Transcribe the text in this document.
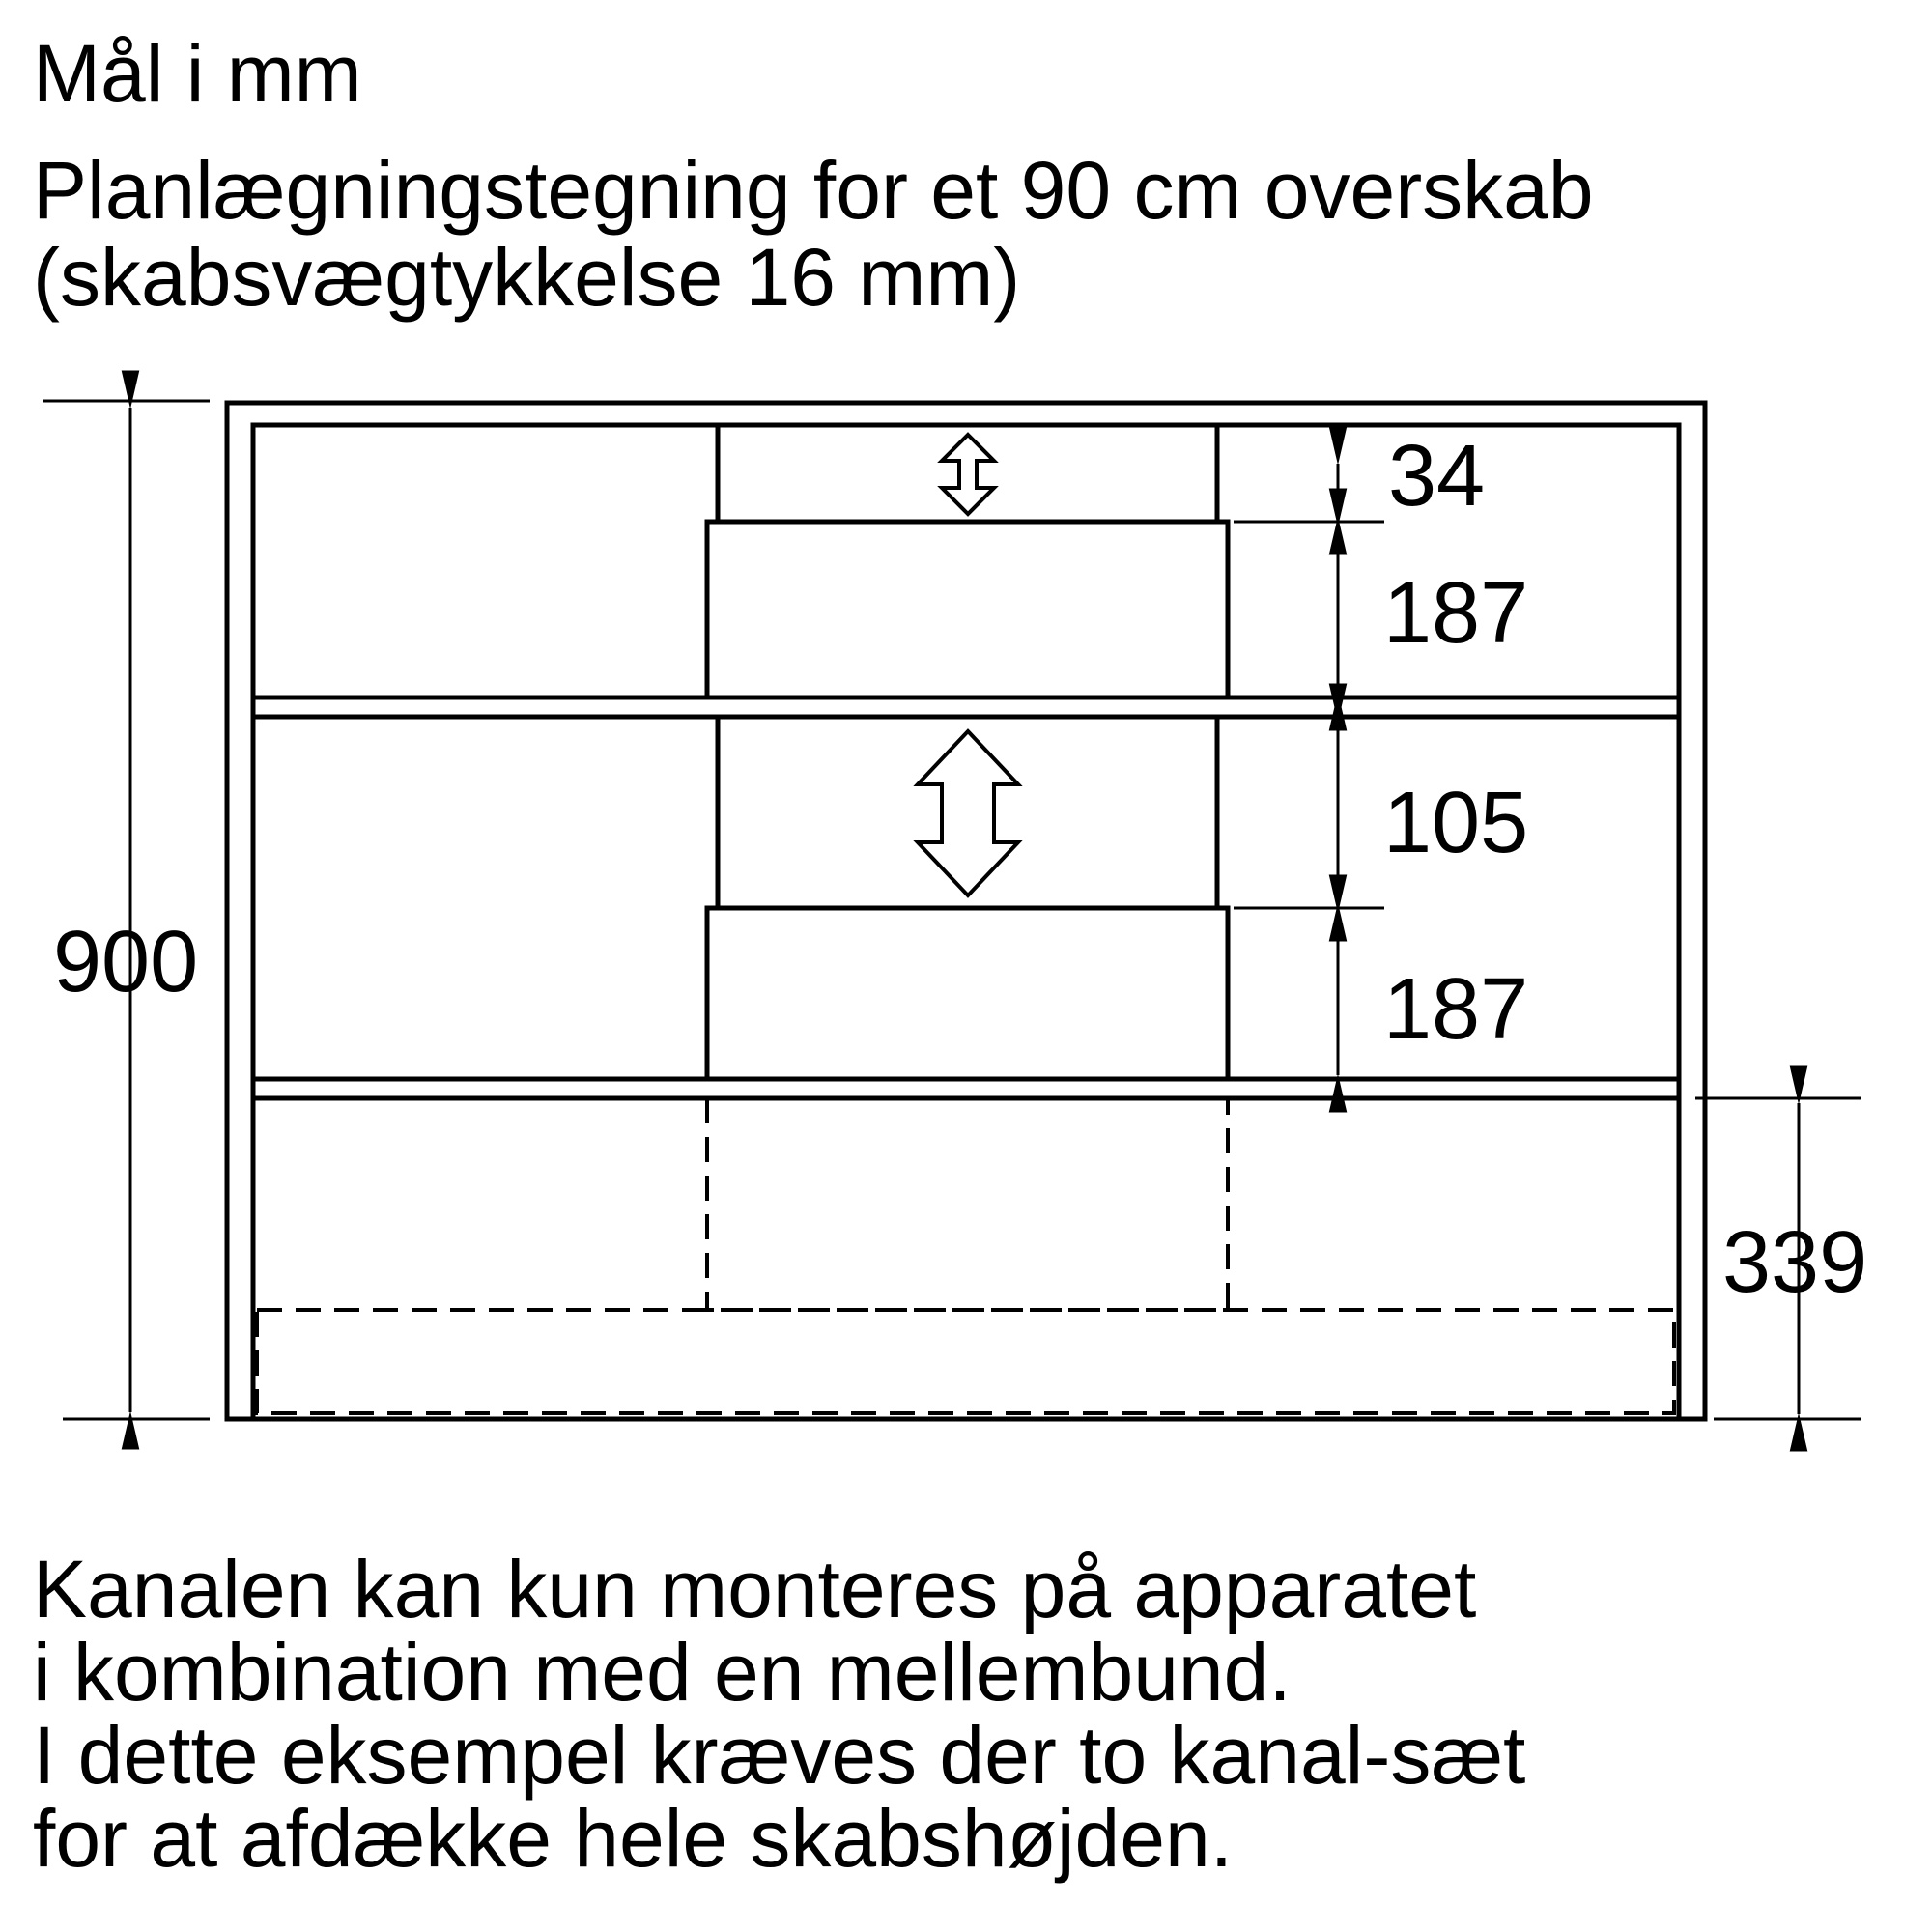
Mål i mm
Planlægningstegning for et 90 cm overskab
(skabsvægtykkelse 16 mm)
900
34
187
105
187
339

Kanalen kan kun monteres på apparatet
i kombination med en mellembund.
I dette eksempel kræves der to kanal-sæt
for at afdække hele skabshøjden.
